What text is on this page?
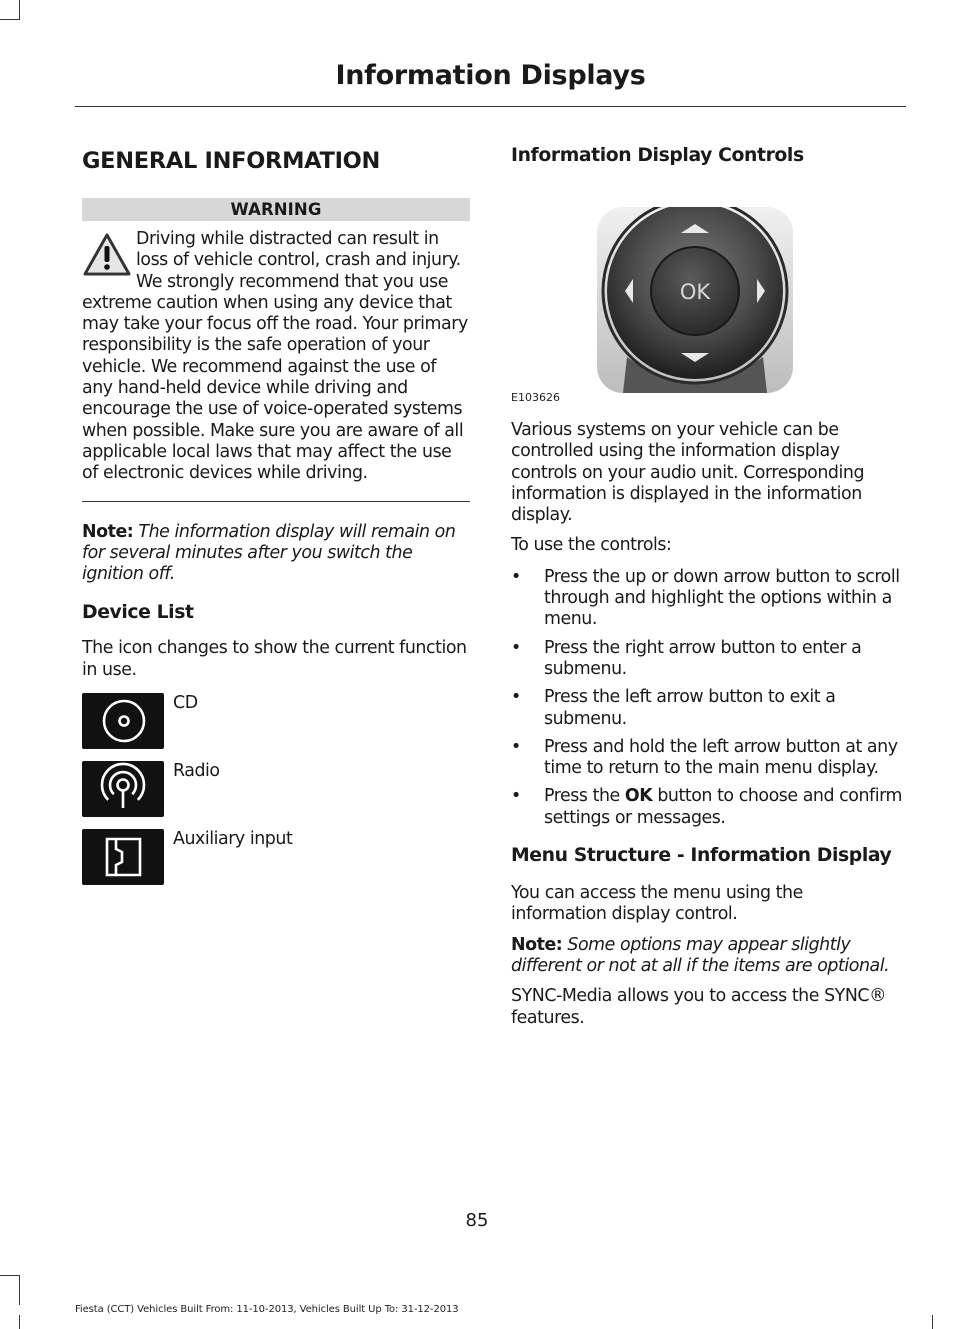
Information Displays
GENERAL INFORMATION
WARNING

Driving while distracted can result in loss of vehicle control, crash and injury. We strongly recommend that you use extreme caution when using any device that may take your focus off the road. Your primary responsibility is the safe operation of your vehicle. We recommend against the use of any hand-held device while driving and encourage the use of voice-operated systems when possible. Make sure you are aware of all applicable local laws that may affect the use of electronic devices while driving.

Note: The information display will remain on for several minutes after you switch the ignition off.

Device List

The icon changes to show the current function in use.

CD
Radio
Auxiliary input
Information Display Controls
OK
E103626

Various systems on your vehicle can be controlled using the information display controls on your audio unit. Corresponding information is displayed in the information display.

To use the controls:

• Press the up or down arrow button to scroll through and highlight the options within a menu.
• Press the right arrow button to enter a submenu.
• Press the left arrow button to exit a submenu.
• Press and hold the left arrow button at any time to return to the main menu display.
• Press the OK button to choose and confirm settings or messages.
Menu Structure - Information Display

You can access the menu using the information display control.

Note: Some options may appear slightly different or not at all if the items are optional.

SYNC-Media allows you to access the SYNC® features.

85
Fiesta (CCT) Vehicles Built From: 11-10-2013, Vehicles Built Up To: 31-12-2013
